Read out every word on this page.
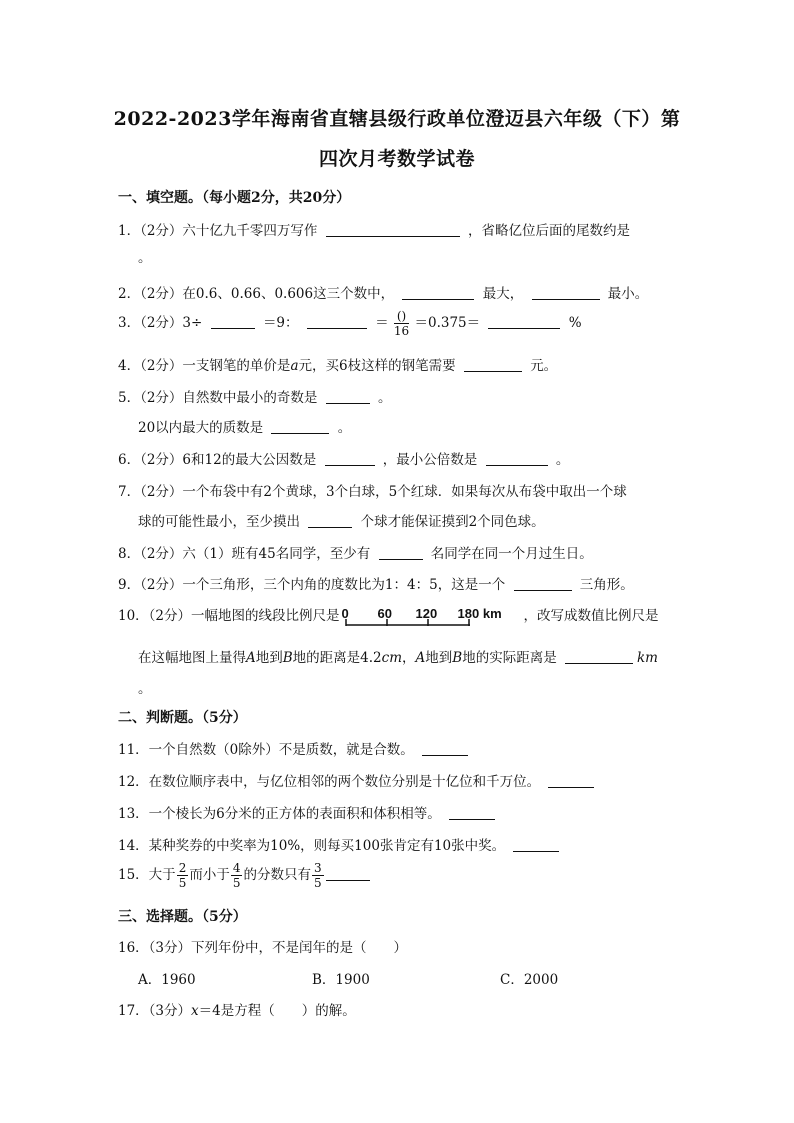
2022-2023学年海南省直辖县级行政单位澄迈县六年级（下）第
四次月考数学试卷
一、填空题。（每小题2分，共20分）
1．（2分）六十亿九千零四万写作	，省略亿位后面的尾数约是
。
2．（2分）在0.6、0.66、0.606这三个数中，	最大，	最小。
3．（2分）3÷	＝9：	＝ $\frac{()}{16} =0.375=$	%
4．（2分）一支钢笔的单价是a元，买6枝这样的钢笔需要	元。
5．（2分）自然数中最小的奇数是	。
20以内最大的质数是	。
6．（2分）6和12的最大公因数是	，最小公倍数是	。
7．（2分）一个布袋中有2个黄球，3个白球，5个红球．如果每次从布袋中取出一个球
球的可能性最小，至少摸出	个球才能保证摸到2个同色球。
8．（2分）六（1）班有45名同学，至少有	名同学在同一个月过生日。
9．（2分）一个三角形，三个内角的度数比为1：4：5，这是一个	三角形。
10．（2分）一幅地图的线段比例尺是 0 60 120 180 km ，改写成数值比例尺是
在这幅地图上量得A地到B地的距离是4.2cm，A地到B地的实际距离是	km
。
二、判断题。（5分）
11．一个自然数（0除外）不是质数，就是合数。
12．在数位顺序表中，与亿位相邻的两个数位分别是十亿位和千万位。
13．一个棱长为6分米的正方体的表面积和体积相等。
14．某种奖券的中奖率为10%，则每买100张肯定有10张中奖。
15．大于 $\frac{2}{5}$ 而小于 $\frac{4}{5}$ 的分数只有 $\frac{3}{5}$
三、选择题。（5分）
16．（3分）下列年份中，不是闰年的是（　　）
A．1960	B．1900	C．2000
17．（3分）x＝4是方程（　　）的解。
